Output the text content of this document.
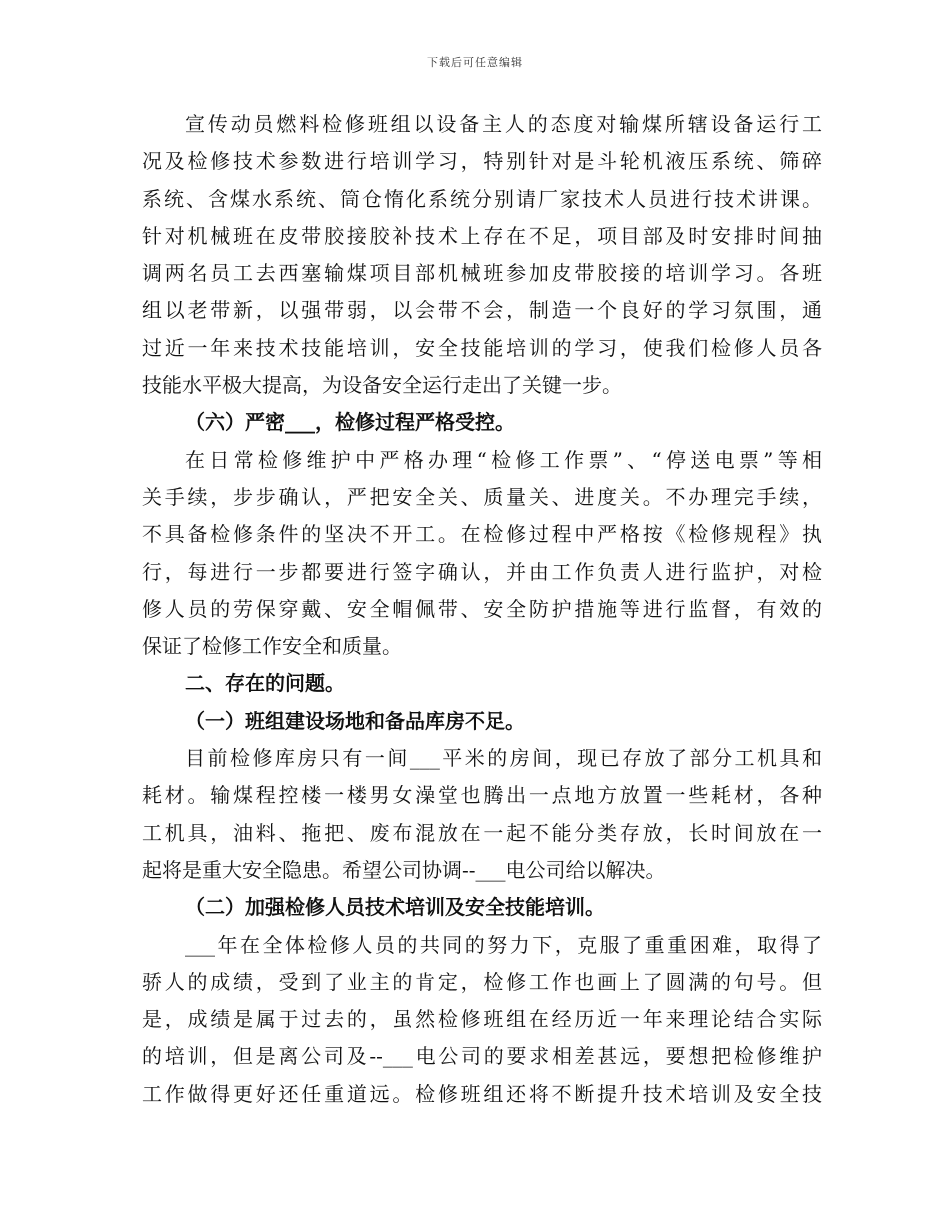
下载后可任意编辑
宣传动员燃料检修班组以设备主人的态度对输煤所辖设备运行工
况及检修技术参数进行培训学习，特别针对是斗轮机液压系统、筛碎
系统、含煤水系统、筒仓惰化系统分别请厂家技术人员进行技术讲课。
针对机械班在皮带胶接胶补技术上存在不足，项目部及时安排时间抽
调两名员工去西塞输煤项目部机械班参加皮带胶接的培训学习。各班
组以老带新，以强带弱，以会带不会，制造一个良好的学习氛围，通
过近一年来技术技能培训，安全技能培训的学习，使我们检修人员各
技能水平极大提高，为设备安全运行走出了关键一步。
（六）严密___，检修过程严格受控。
在日常检修维护中严格办理“检修工作票”、“停送电票”等相
关手续，步步确认，严把安全关、质量关、进度关。不办理完手续，
不具备检修条件的坚决不开工。在检修过程中严格按《检修规程》执
行，每进行一步都要进行签字确认，并由工作负责人进行监护，对检
修人员的劳保穿戴、安全帽佩带、安全防护措施等进行监督，有效的
保证了检修工作安全和质量。
二、存在的问题。
（一）班组建设场地和备品库房不足。
目前检修库房只有一间___平米的房间，现已存放了部分工机具和
耗材。输煤程控楼一楼男女澡堂也腾出一点地方放置一些耗材，各种
工机具，油料、拖把、废布混放在一起不能分类存放，长时间放在一
起将是重大安全隐患。希望公司协调--___电公司给以解决。
（二）加强检修人员技术培训及安全技能培训。
___年在全体检修人员的共同的努力下，克服了重重困难，取得了
骄人的成绩，受到了业主的肯定，检修工作也画上了圆满的句号。但
是，成绩是属于过去的，虽然检修班组在经历近一年来理论结合实际
的培训，但是离公司及--___电公司的要求相差甚远，要想把检修维护
工作做得更好还任重道远。检修班组还将不断提升技术培训及安全技
